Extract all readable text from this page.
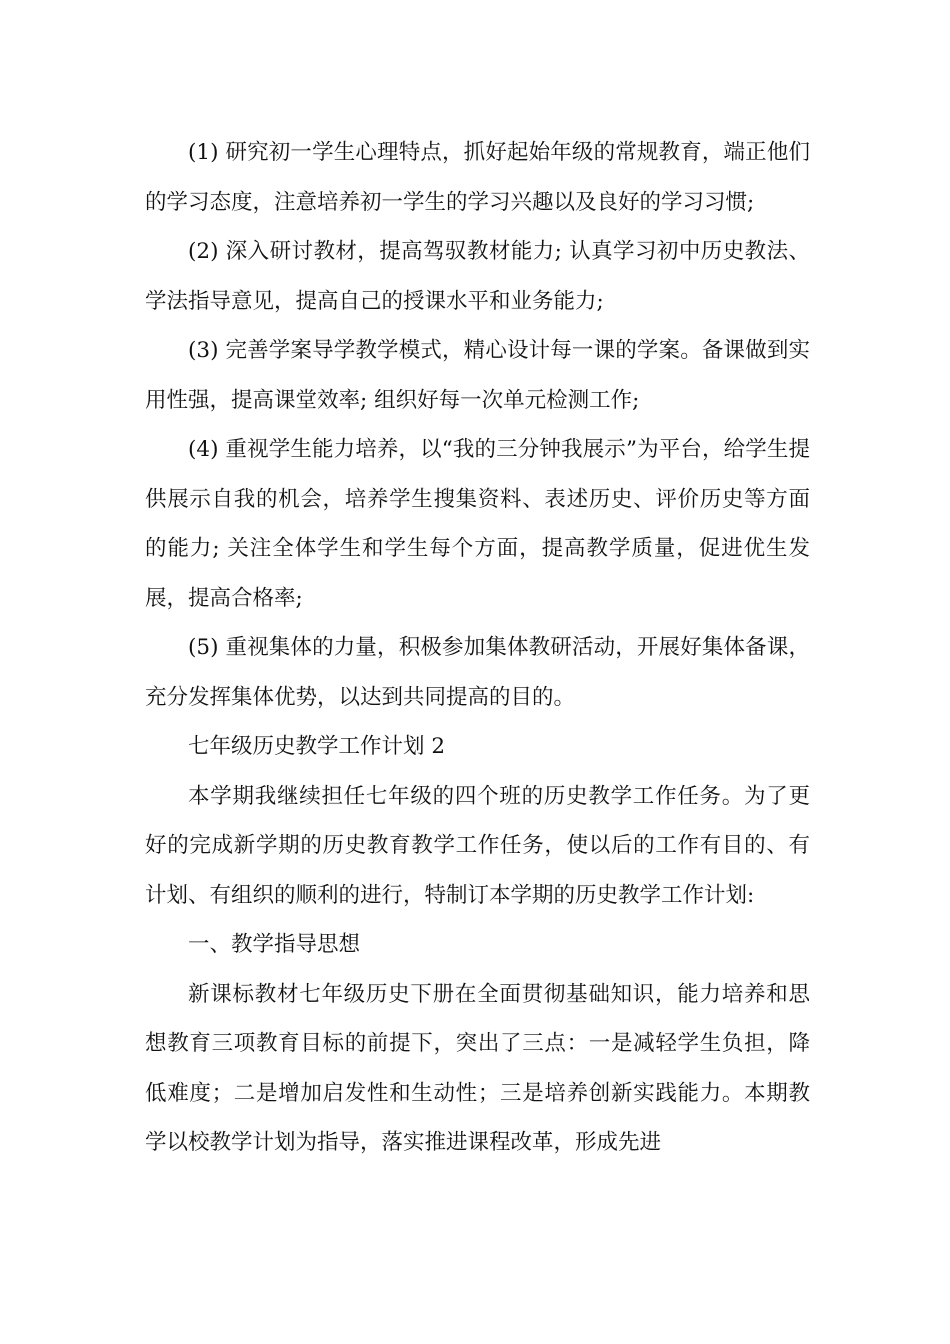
(1) 研究初一学生心理特点，抓好起始年级的常规教育，端正他们的学习态度，注意培养初一学生的学习兴趣以及良好的学习习惯;

(2) 深入研讨教材，提高驾驭教材能力; 认真学习初中历史教法、学法指导意见，提高自己的授课水平和业务能力;

(3) 完善学案导学教学模式，精心设计每一课的学案。备课做到实用性强，提高课堂效率; 组织好每一次单元检测工作;

(4) 重视学生能力培养，以“我的三分钟我展示”为平台，给学生提供展示自我的机会，培养学生搜集资料、表述历史、评价历史等方面的能力; 关注全体学生和学生每个方面，提高教学质量，促进优生发展，提高合格率;

(5) 重视集体的力量，积极参加集体教研活动，开展好集体备课，充分发挥集体优势，以达到共同提高的目的。

七年级历史教学工作计划 2

本学期我继续担任七年级的四个班的历史教学工作任务。为了更好的完成新学期的历史教育教学工作任务，使以后的工作有目的、有计划、有组织的顺利的进行，特制订本学期的历史教学工作计划:

一、教学指导思想

新课标教材七年级历史下册在全面贯彻基础知识，能力培养和思想教育三项教育目标的前提下，突出了三点：一是减轻学生负担，降低难度；二是增加启发性和生动性；三是培养创新实践能力。本期教学以校教学计划为指导，落实推进课程改革，形成先进
